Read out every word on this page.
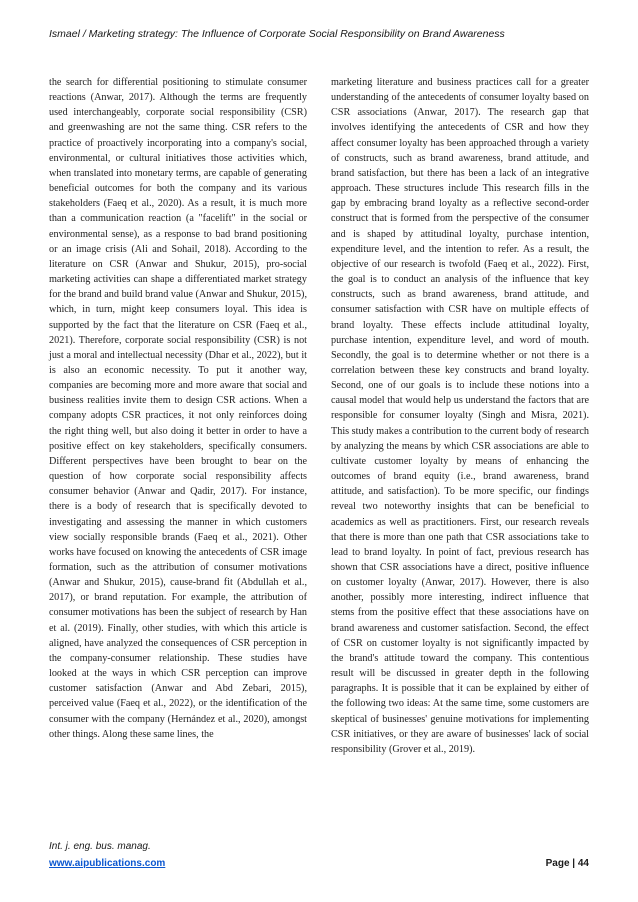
Ismael / Marketing strategy: The Influence of Corporate Social Responsibility on Brand Awareness
the search for differential positioning to stimulate consumer reactions (Anwar, 2017). Although the terms are frequently used interchangeably, corporate social responsibility (CSR) and greenwashing are not the same thing. CSR refers to the practice of proactively incorporating into a company's social, environmental, or cultural initiatives those activities which, when translated into monetary terms, are capable of generating beneficial outcomes for both the company and its various stakeholders (Faeq et al., 2020). As a result, it is much more than a communication reaction (a "facelift" in the social or environmental sense), as a response to bad brand positioning or an image crisis (Ali and Sohail, 2018). According to the literature on CSR (Anwar and Shukur, 2015), pro-social marketing activities can shape a differentiated market strategy for the brand and build brand value (Anwar and Shukur, 2015), which, in turn, might keep consumers loyal. This idea is supported by the fact that the literature on CSR (Faeq et al., 2021). Therefore, corporate social responsibility (CSR) is not just a moral and intellectual necessity (Dhar et al., 2022), but it is also an economic necessity. To put it another way, companies are becoming more and more aware that social and business realities invite them to design CSR actions. When a company adopts CSR practices, it not only reinforces doing the right thing well, but also doing it better in order to have a positive effect on key stakeholders, specifically consumers. Different perspectives have been brought to bear on the question of how corporate social responsibility affects consumer behavior (Anwar and Qadir, 2017). For instance, there is a body of research that is specifically devoted to investigating and assessing the manner in which customers view socially responsible brands (Faeq et al., 2021). Other works have focused on knowing the antecedents of CSR image formation, such as the attribution of consumer motivations (Anwar and Shukur, 2015), cause-brand fit (Abdullah et al., 2017), or brand reputation. For example, the attribution of consumer motivations has been the subject of research by Han et al. (2019). Finally, other studies, with which this article is aligned, have analyzed the consequences of CSR perception in the company-consumer relationship. These studies have looked at the ways in which CSR perception can improve customer satisfaction (Anwar and Abd Zebari, 2015), perceived value (Faeq et al., 2022), or the identification of the consumer with the company (Hernández et al., 2020), amongst other things. Along these same lines, the
marketing literature and business practices call for a greater understanding of the antecedents of consumer loyalty based on CSR associations (Anwar, 2017). The research gap that involves identifying the antecedents of CSR and how they affect consumer loyalty has been approached through a variety of constructs, such as brand awareness, brand attitude, and brand satisfaction, but there has been a lack of an integrative approach. These structures include This research fills in the gap by embracing brand loyalty as a reflective second-order construct that is formed from the perspective of the consumer and is shaped by attitudinal loyalty, purchase intention, expenditure level, and the intention to refer. As a result, the objective of our research is twofold (Faeq et al., 2022). First, the goal is to conduct an analysis of the influence that key constructs, such as brand awareness, brand attitude, and consumer satisfaction with CSR have on multiple effects of brand loyalty. These effects include attitudinal loyalty, purchase intention, expenditure level, and word of mouth. Secondly, the goal is to determine whether or not there is a correlation between these key constructs and brand loyalty. Second, one of our goals is to include these notions into a causal model that would help us understand the factors that are responsible for consumer loyalty (Singh and Misra, 2021). This study makes a contribution to the current body of research by analyzing the means by which CSR associations are able to cultivate customer loyalty by means of enhancing the outcomes of brand equity (i.e., brand awareness, brand attitude, and satisfaction). To be more specific, our findings reveal two noteworthy insights that can be beneficial to academics as well as practitioners. First, our research reveals that there is more than one path that CSR associations take to lead to brand loyalty. In point of fact, previous research has shown that CSR associations have a direct, positive influence on customer loyalty (Anwar, 2017). However, there is also another, possibly more interesting, indirect influence that stems from the positive effect that these associations have on brand awareness and customer satisfaction. Second, the effect of CSR on customer loyalty is not significantly impacted by the brand's attitude toward the company. This contentious result will be discussed in greater depth in the following paragraphs. It is possible that it can be explained by either of the following two ideas: At the same time, some customers are skeptical of businesses' genuine motivations for implementing CSR initiatives, or they are aware of businesses' lack of social responsibility (Grover et al., 2019).
Int. j. eng. bus. manag.
www.aipublications.com	Page | 44
